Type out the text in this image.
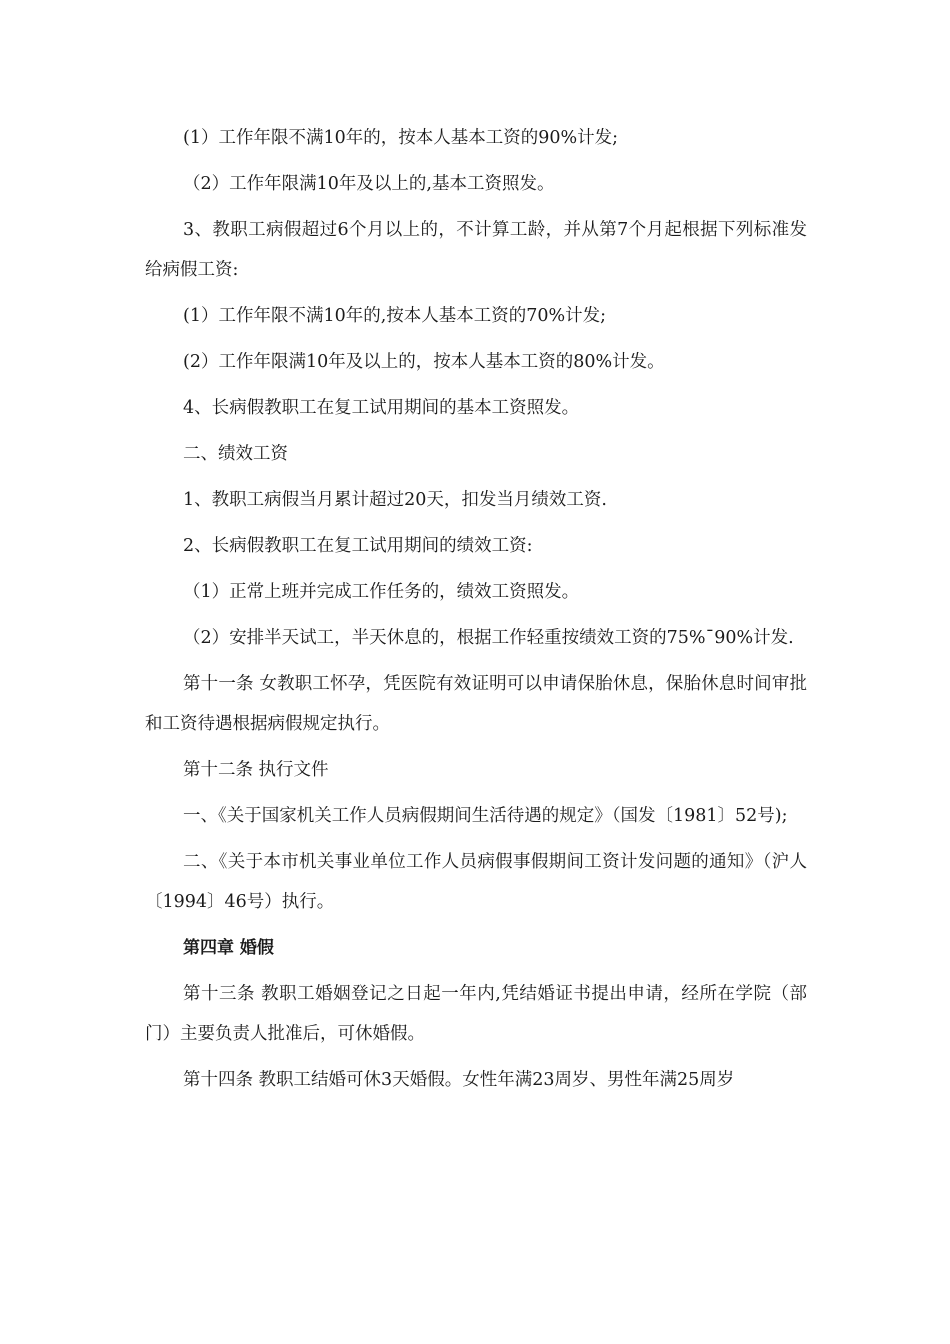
(1）工作年限不满10年的，按本人基本工资的90%计发;

（2）工作年限满10年及以上的,基本工资照发。

3、教职工病假超过6个月以上的，不计算工龄，并从第7个月起根据下列标准发给病假工资:

(1）工作年限不满10年的,按本人基本工资的70%计发;

(2）工作年限满10年及以上的，按本人基本工资的80%计发。

4、长病假教职工在复工试用期间的基本工资照发。

二、绩效工资

1、教职工病假当月累计超过20天，扣发当月绩效工资.

2、长病假教职工在复工试用期间的绩效工资:

（1）正常上班并完成工作任务的，绩效工资照发。

（2）安排半天试工，半天休息的，根据工作轻重按绩效工资的75%¯90%计发.

第十一条 女教职工怀孕，凭医院有效证明可以申请保胎休息，保胎休息时间审批和工资待遇根据病假规定执行。

第十二条 执行文件

一、《关于国家机关工作人员病假期间生活待遇的规定》（国发〔1981〕52号);

二、《关于本市机关事业单位工作人员病假事假期间工资计发问题的通知》（沪人〔1994〕46号）执行。

第四章 婚假

第十三条 教职工婚姻登记之日起一年内,凭结婚证书提出申请，经所在学院（部门）主要负责人批准后，可休婚假。

第十四条 教职工结婚可休3天婚假。女性年满23周岁、男性年满25周岁
